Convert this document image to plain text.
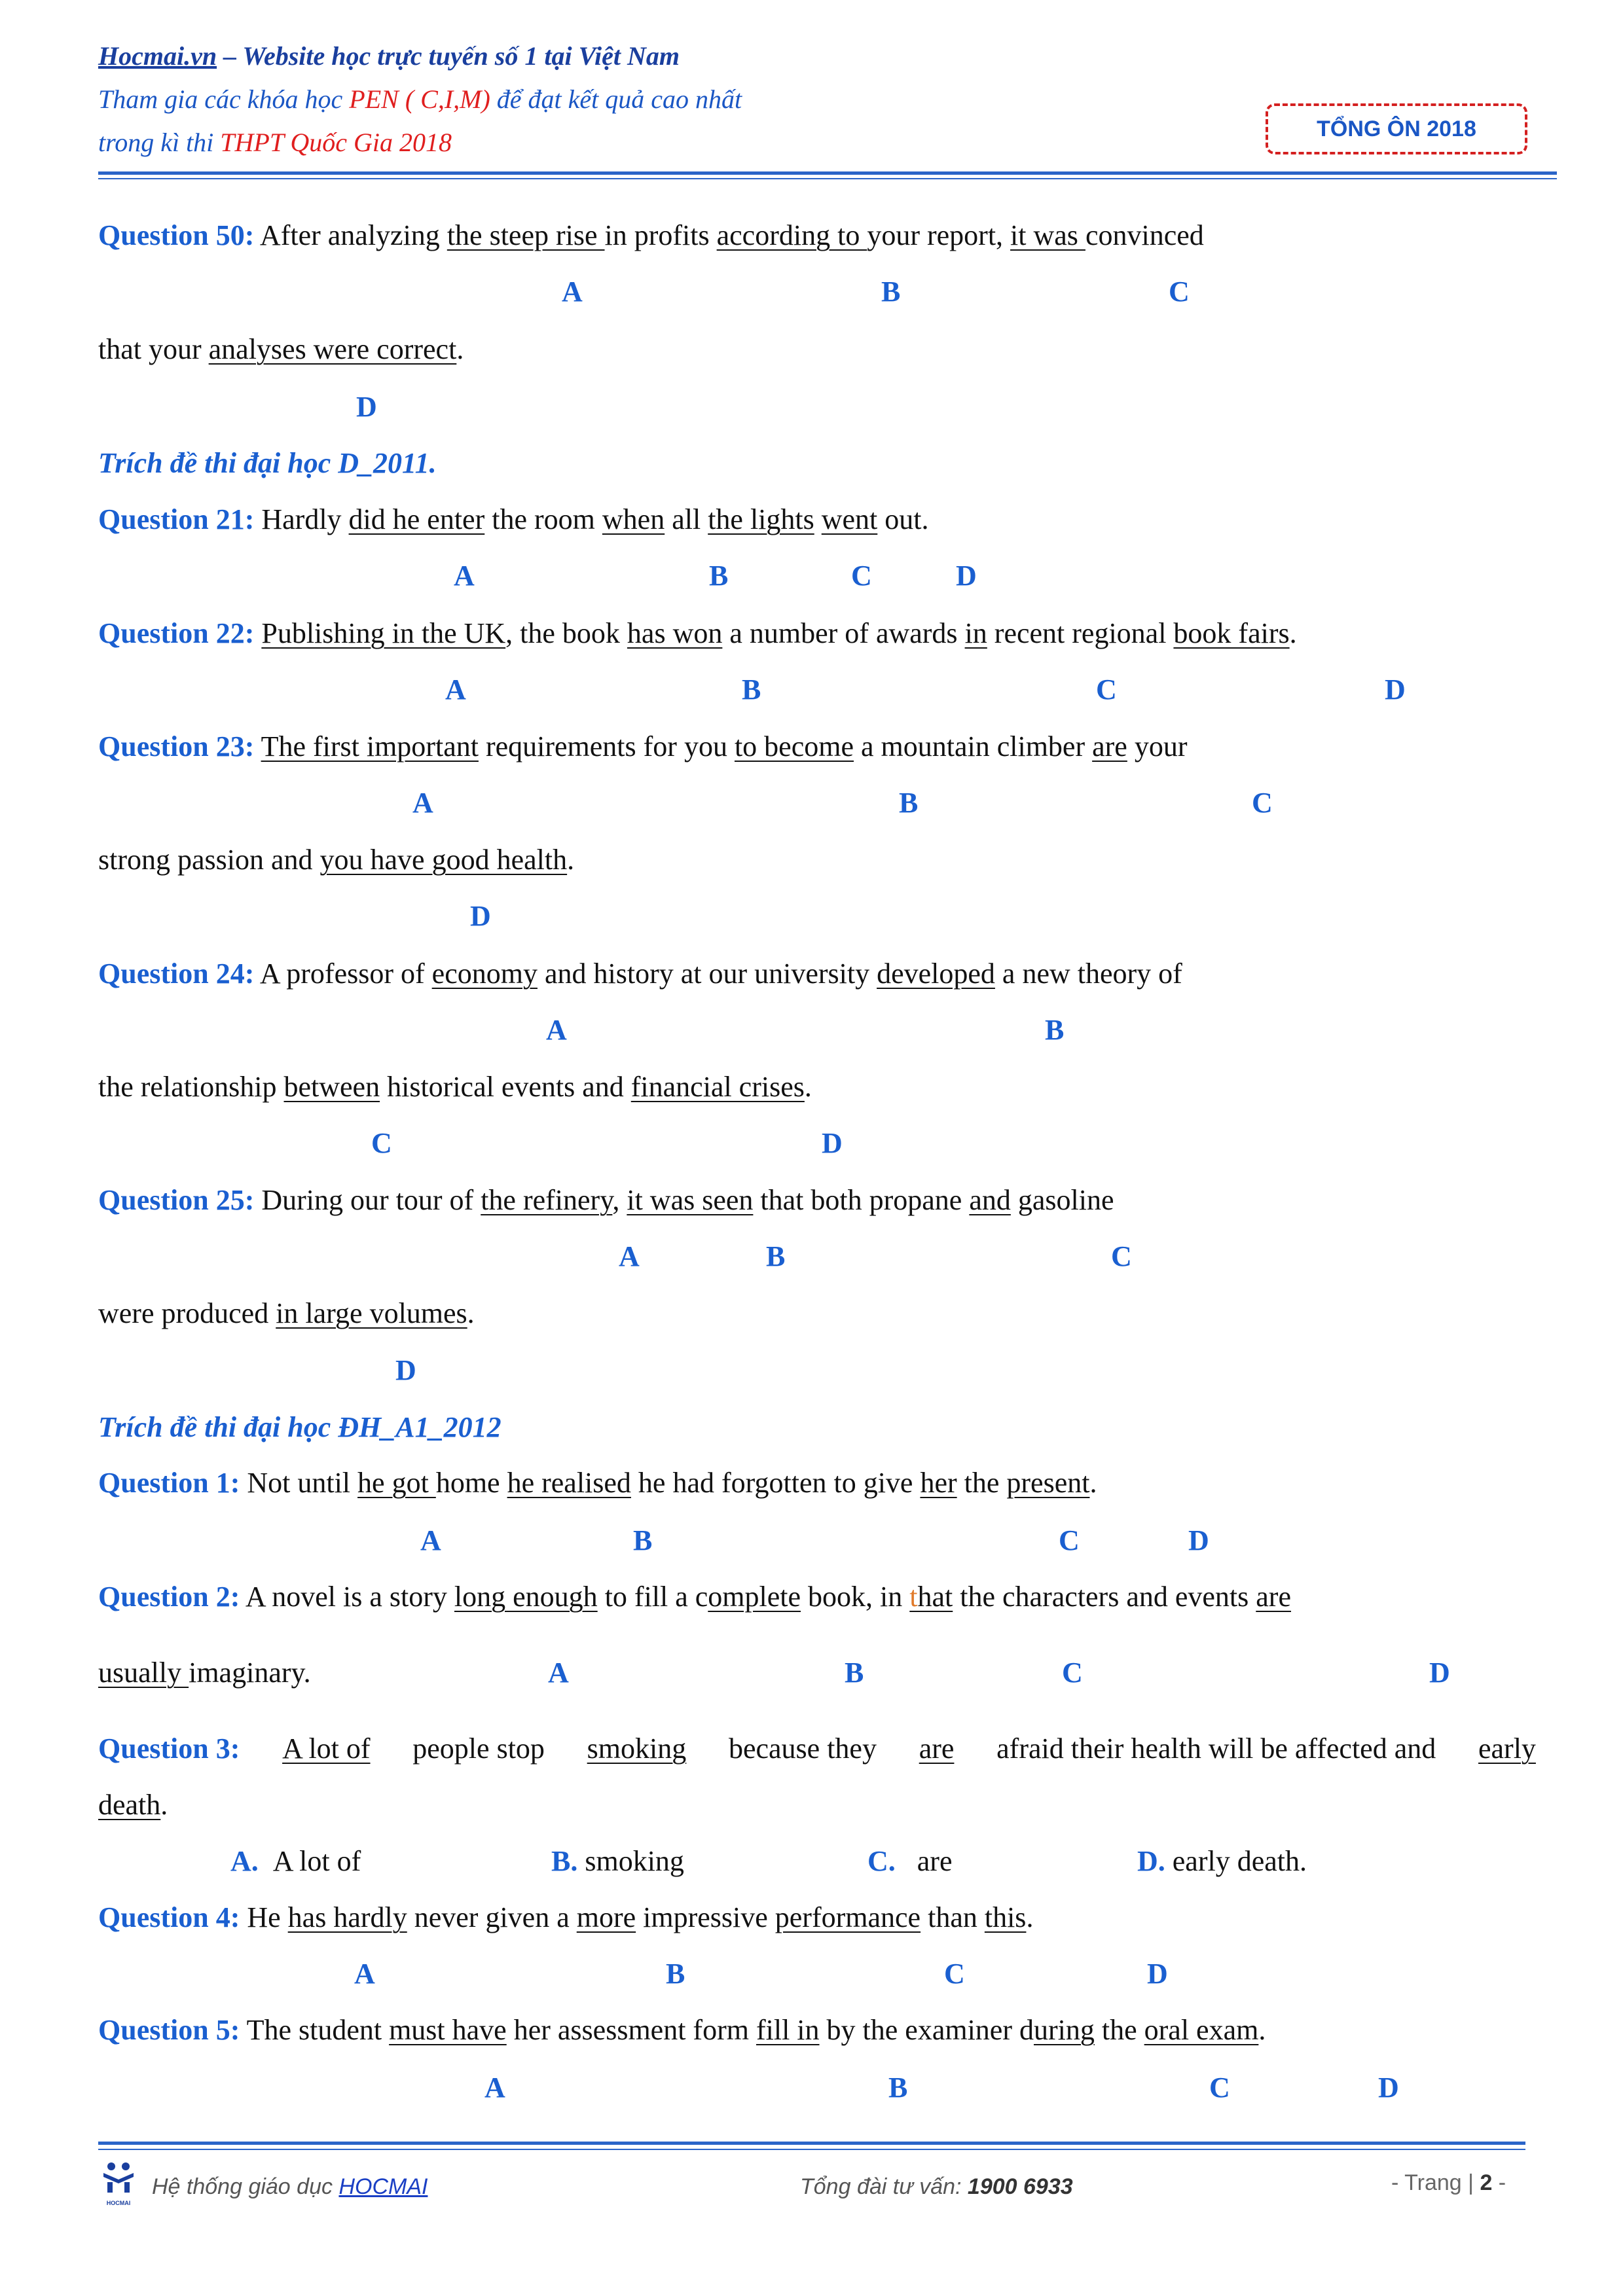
Hocmai.vn – Website học trực tuyến số 1 tại Việt Nam
Tham gia các khóa học PEN ( C,I,M) để đạt kết quả cao nhất
trong kì thi THPT Quốc Gia 2018	TỔNG ÔN 2018
Question 50: After analyzing the steep rise in profits according to your report, it was convinced
A	B	C
that your analyses were correct.
D
Trích đề thi đại học D_2011.
Question 21: Hardly did he enter the room when all the lights went out.
A	B	C	D
Question 22: Publishing in the UK, the book has won a number of awards in recent regional book fairs.
A	B	C	D
Question 23: The first important requirements for you to become a mountain climber are your
A	B	C
strong passion and you have good health.
D
Question 24: A professor of economy and history at our university developed a new theory of
A	B
the relationship between historical events and financial crises.
C	D
Question 25: During our tour of the refinery, it was seen that both propane and gasoline
A	B	C
were produced in large volumes.
D
Trích đề thi đại học ĐH_A1_2012
Question 1: Not until he got home he realised he had forgotten to give her the present.
A	B	C	D
Question 2: A novel is a story long enough to fill a complete book, in that the characters and events are
usually imaginary.	A	B	C	D
Question 3: A lot of people stop smoking because they are afraid their health will be affected and early
death.
A. A lot of	B. smoking	C. are	D. early death.
Question 4: He has hardly never given a more impressive performance than this.
A	B	C	D
Question 5: The student must have her assessment form fill in by the examiner during the oral exam.
A	B	C	D
HOCMAI
Hệ thống giáo dục HOCMAI	Tổng đài tư vấn: 1900 6933	- Trang | 2 -
